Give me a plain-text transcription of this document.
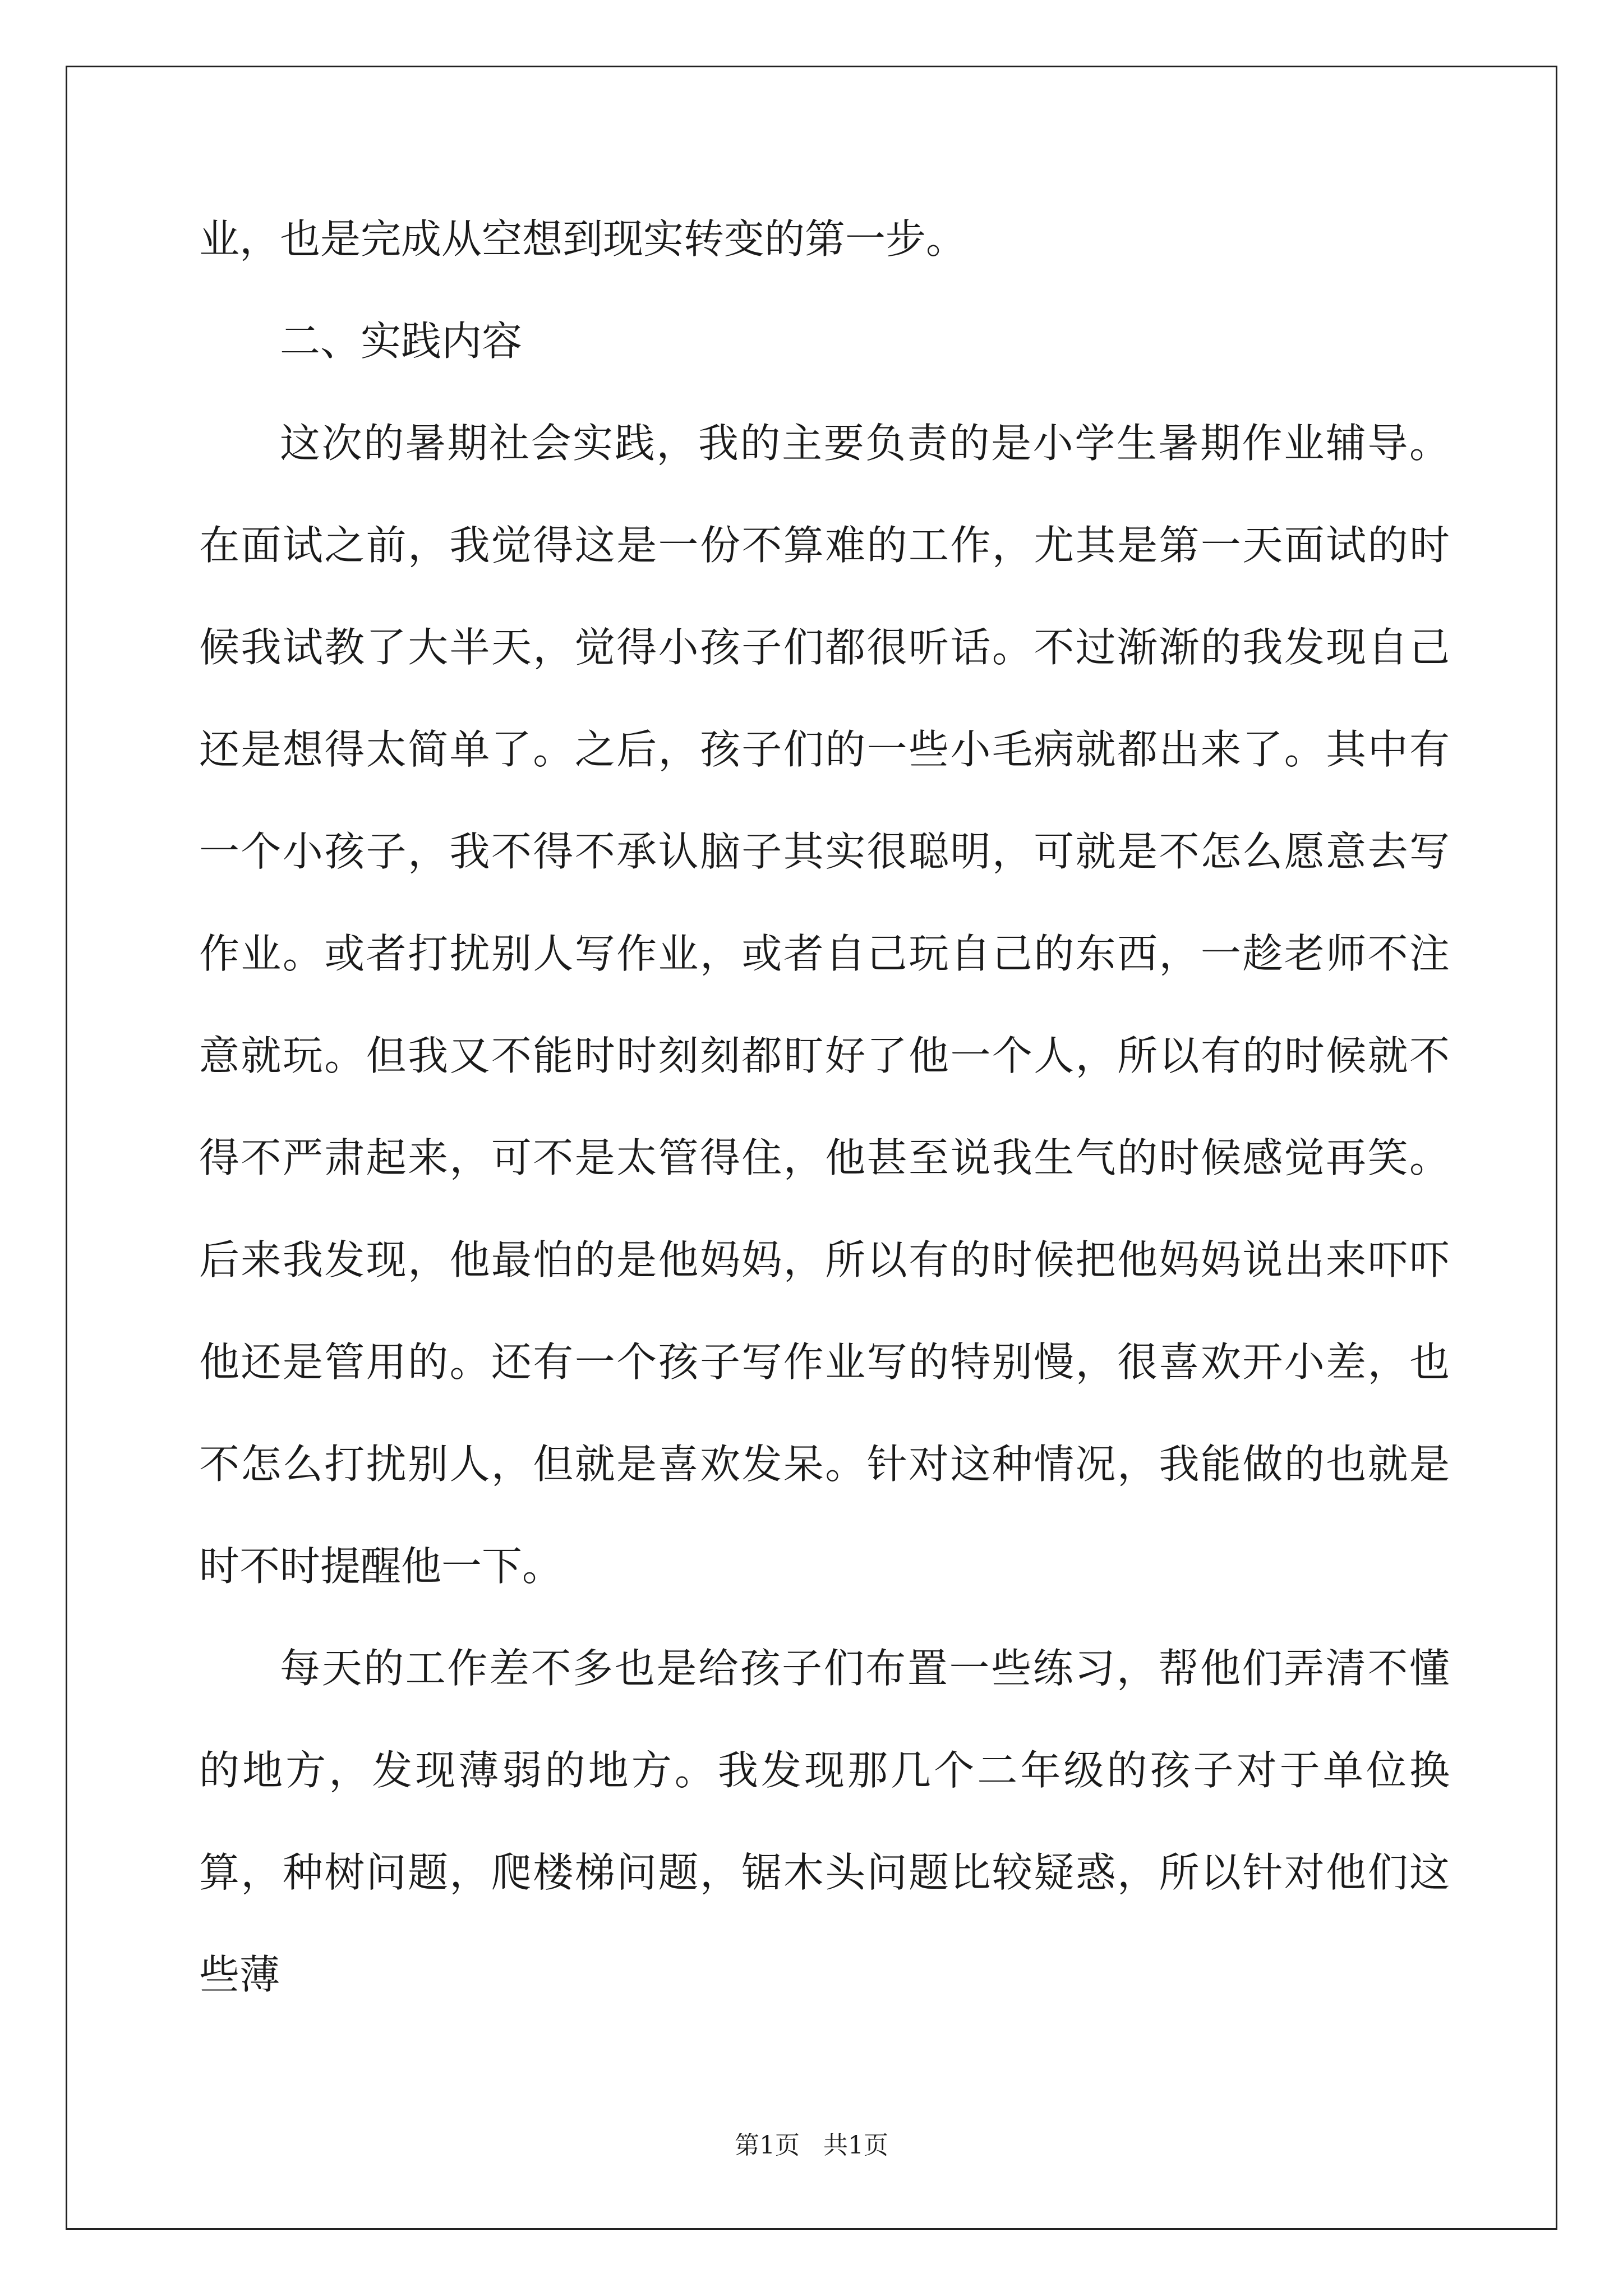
业，也是完成从空想到现实转变的第一步。

二、实践内容

这次的暑期社会实践，我的主要负责的是小学生暑期作业辅导。在面试之前，我觉得这是一份不算难的工作，尤其是第一天面试的时候我试教了大半天，觉得小孩子们都很听话。不过渐渐的我发现自己还是想得太简单了。之后，孩子们的一些小毛病就都出来了。其中有一个小孩子，我不得不承认脑子其实很聪明，可就是不怎么愿意去写作业。或者打扰别人写作业，或者自己玩自己的东西，一趁老师不注意就玩。但我又不能时时刻刻都盯好了他一个人，所以有的时候就不得不严肃起来，可不是太管得住，他甚至说我生气的时候感觉再笑。后来我发现，他最怕的是他妈妈，所以有的时候把他妈妈说出来吓吓他还是管用的。还有一个孩子写作业写的特别慢，很喜欢开小差，也不怎么打扰别人，但就是喜欢发呆。针对这种情况，我能做的也就是时不时提醒他一下。

每天的工作差不多也是给孩子们布置一些练习，帮他们弄清不懂的地方，发现薄弱的地方。我发现那几个二年级的孩子对于单位换算，种树问题，爬楼梯问题，锯木头问题比较疑惑，所以针对他们这些薄

第1页   共1页
